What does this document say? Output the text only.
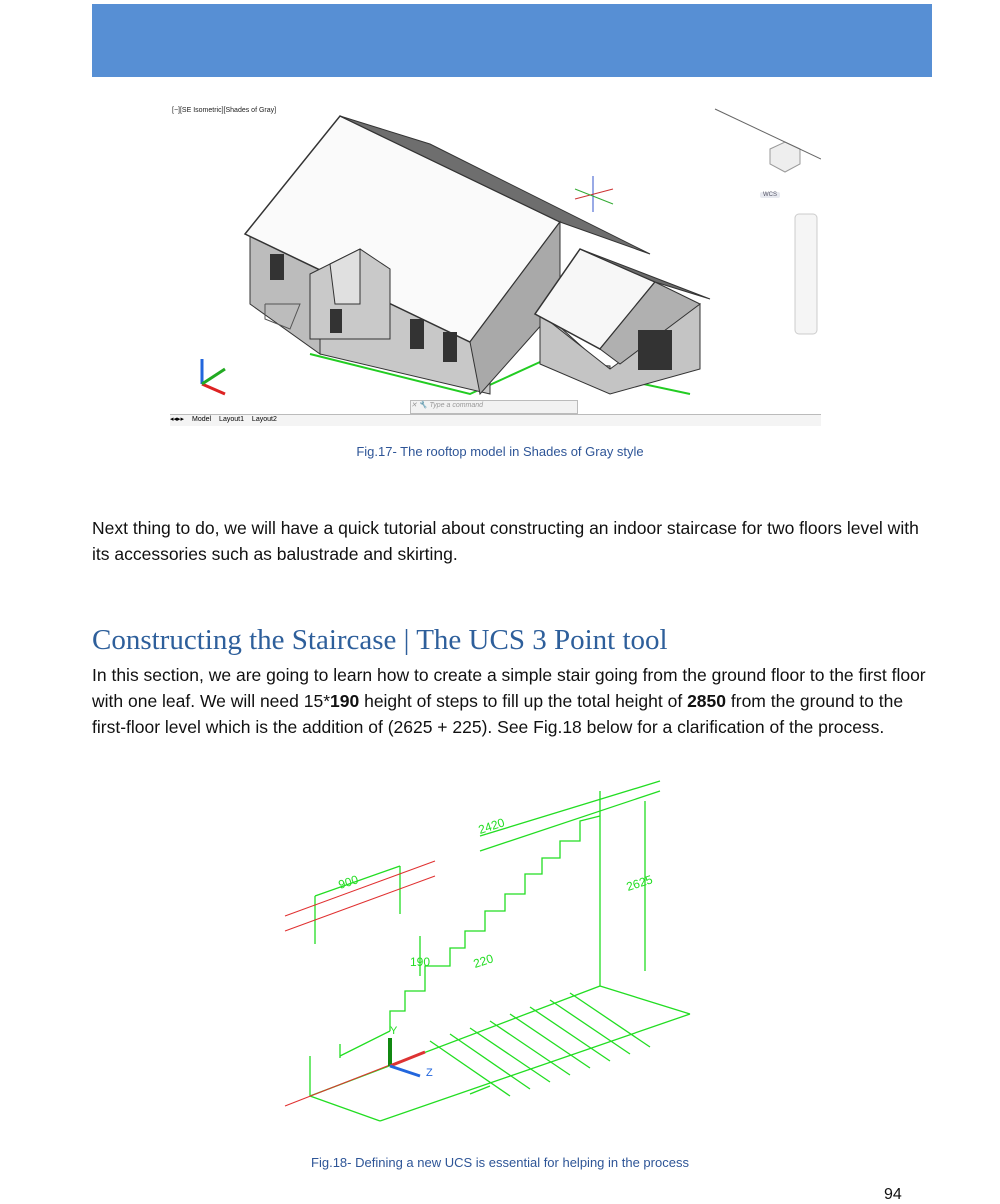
[−][SE Isometric][Shades of Gray]
WCS
✕ 🔧 Type a command
◂◂▸▸ Model Layout1 Layout2
Fig.17- The rooftop model in Shades of Gray style
Next thing to do, we will have a quick tutorial about constructing an indoor staircase for two floors level with its accessories such as balustrade and skirting.
Constructing the Staircase | The UCS 3 Point tool
In this section, we are going to learn how to create a simple stair going from the ground floor to the first floor with one leaf. We will need 15*190 height of steps to fill up the total height of 2850 from the ground to the first-floor level which is the addition of (2625 + 225). See Fig.18 below for a clarification of the process.
2420
900	2625
190	220
Y
Z
Fig.18- Defining a new UCS is essential for helping in the process
94
